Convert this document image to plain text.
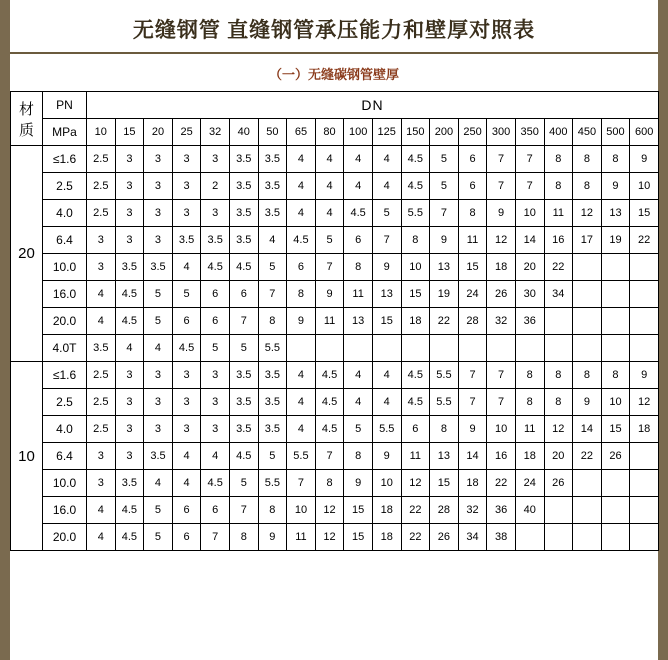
无缝钢管 直缝钢管承压能力和壁厚对照表
（一）无缝碳钢管壁厚
材
质	PN	DN																			
	MPa	10	15	20	25	32	40	50	65	80	100	125	150	200	250	300	350	400	450	500	600
20	≤1.6	2.5	3	3	3	3	3.5	3.5	4	4	4	4	4.5	5	6	7	7	8	8	8	9
	2.5	2.5	3	3	3	2	3.5	3.5	4	4	4	4	4.5	5	6	7	7	8	8	9	10
	4.0	2.5	3	3	3	3	3.5	3.5	4	4	4.5	5	5.5	7	8	9	10	11	12	13	15
	6.4	3	3	3	3.5	3.5	3.5	4	4.5	5	6	7	8	9	11	12	14	16	17	19	22
	10.0	3	3.5	3.5	4	4.5	4.5	5	6	7	8	9	10	13	15	18	20	22			
	16.0	4	4.5	5	5	6	6	7	8	9	11	13	15	19	24	26	30	34			
	20.0	4	4.5	5	6	6	7	8	9	11	13	15	18	22	28	32	36				
	4.0T	3.5	4	4	4.5	5	5	5.5													
10	≤1.6	2.5	3	3	3	3	3.5	3.5	4	4.5	4	4	4.5	5.5	7	7	8	8	8	8	9
	2.5	2.5	3	3	3	3	3.5	3.5	4	4.5	4	4	4.5	5.5	7	7	8	8	9	10	12
	4.0	2.5	3	3	3	3	3.5	3.5	4	4.5	5	5.5	6	8	9	10	11	12	14	15	18
	6.4	3	3	3.5	4	4	4.5	5	5.5	7	8	9	11	13	14	16	18	20	22	26	
	10.0	3	3.5	4	4	4.5	5	5.5	7	8	9	10	12	15	18	22	24	26			
	16.0	4	4.5	5	6	6	7	8	10	12	15	18	22	28	32	36	40				
	20.0	4	4.5	5	6	7	8	9	11	12	15	18	22	26	34	38					
